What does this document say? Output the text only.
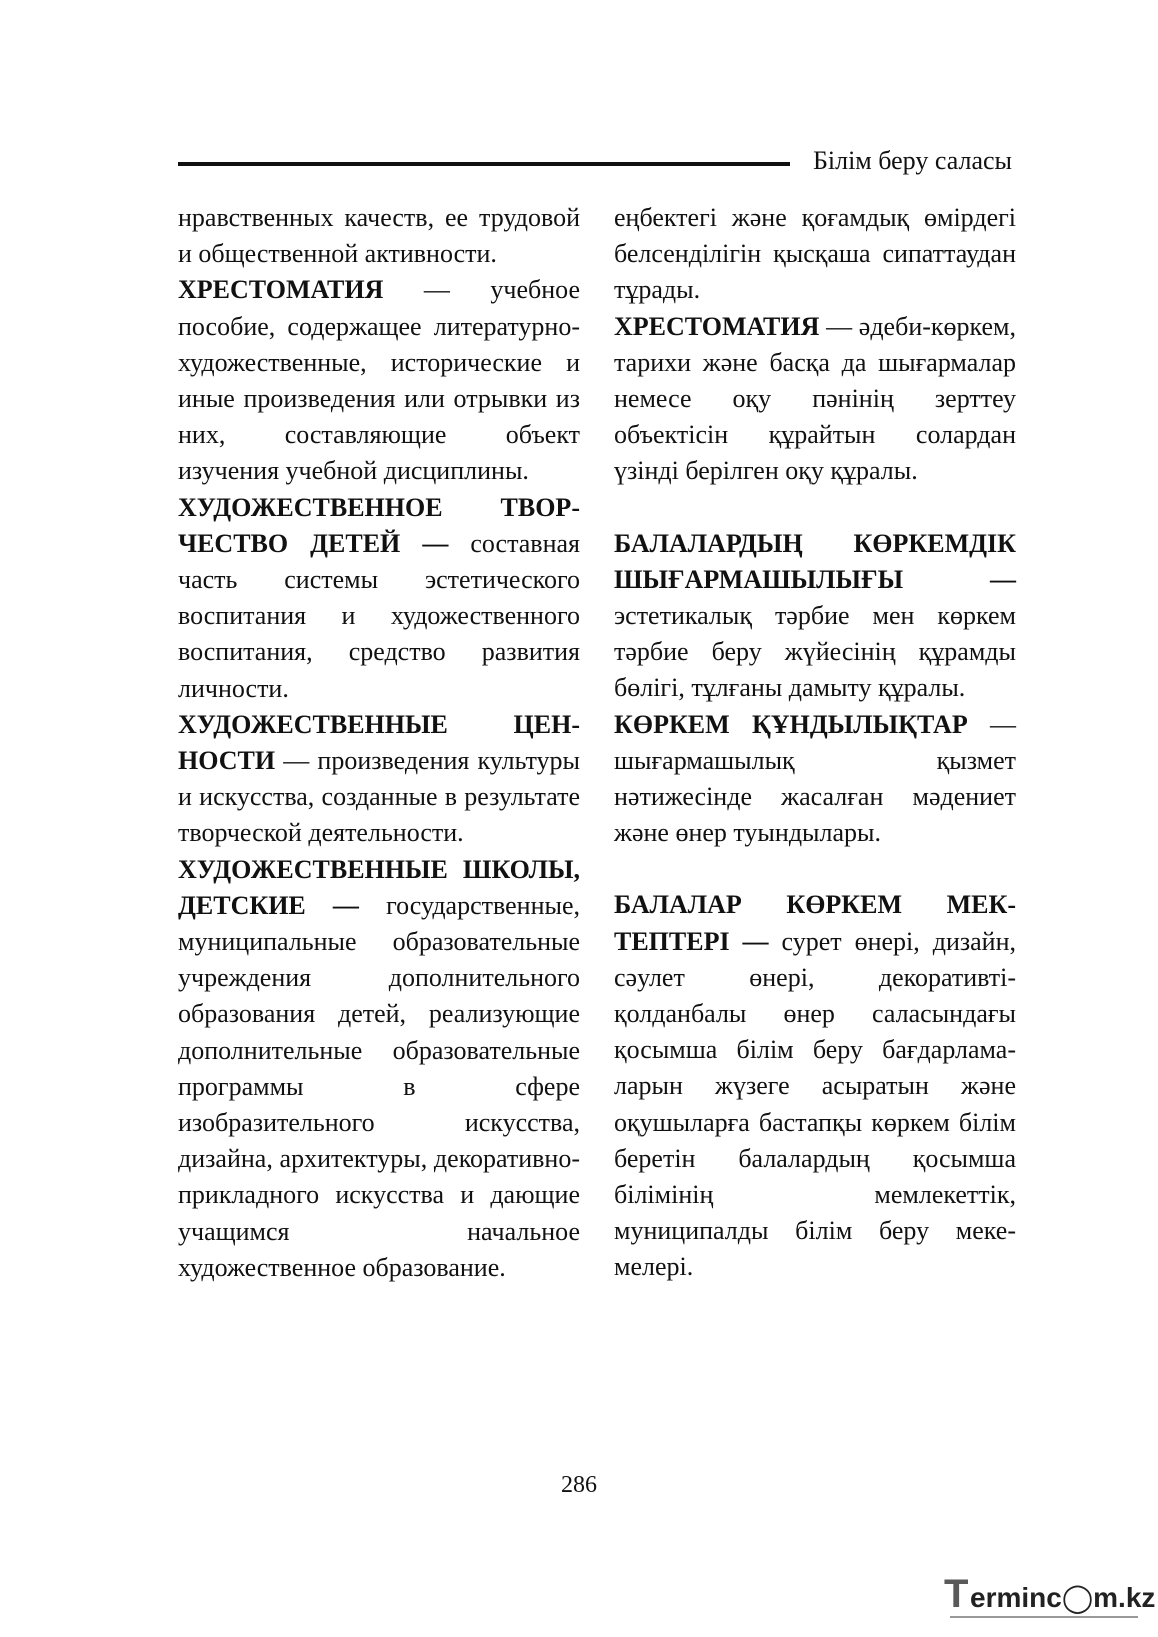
Білім беру саласы

нравственных качеств, ее трудовой и общественной активности.

ХРЕСТОМАТИЯ — учебное пособие, содержащее литературно-художественные, исторические и иные произведения или отрывки из них, составляющие объект изучения учебной дисциплины.

ХУДОЖЕСТВЕННОЕ ТВОРЧЕСТВО ДЕТЕЙ — составная часть системы эстетического воспитания и художественного воспитания, средство развития личности.

ХУДОЖЕСТВЕННЫЕ ЦЕННОСТИ — произведения культуры и искусства, созданные в результате творческой деятельности.

ХУДОЖЕСТВЕННЫЕ ШКОЛЫ, ДЕТСКИЕ — государственные, муниципальные образовательные учреждения дополнительного образования детей, реализующие дополнительные образовательные программы в сфере изобразительного искусства, дизайна, архитектуры, декоративно-прикладного искусства и дающие учащимся начальное художественное образование.

еңбектегі және қоғамдық өмірдегі белсенділігін қысқаша сипаттаудан тұрады.

ХРЕСТОМАТИЯ — әдеби-көркем, тарихи және басқа да шығармалар немесе оқу пәнінің зерттеу объектісін құрайтын солардан үзінді берілген оқу құралы.

БАЛАЛАРДЫҢ КӨРКЕМДІК ШЫҒАРМАШЫЛЫҒЫ — эстетикалық тәрбие мен көркем тәрбие беру жүйесінің құрамды бөлігі, тұлғаны дамыту құралы.

КӨРКЕМ ҚҰНДЫЛЫҚТАР — шығармашылық қызмет нәтижесінде жасалған мәдениет және өнер туындылары.

БАЛАЛАР КӨРКЕМ МЕКТЕПТЕРІ — сурет өнері, дизайн, сәулет өнері, декоративті-қолданбалы өнер саласындағы қосымша білім беру бағдарламаларын жүзеге асыратын және оқушыларға бастапқы көркем білім беретін балалардың қосымша білімінің мемлекеттік, муниципалды білім беру мекемелері.

286
T erminc◯m.kz
